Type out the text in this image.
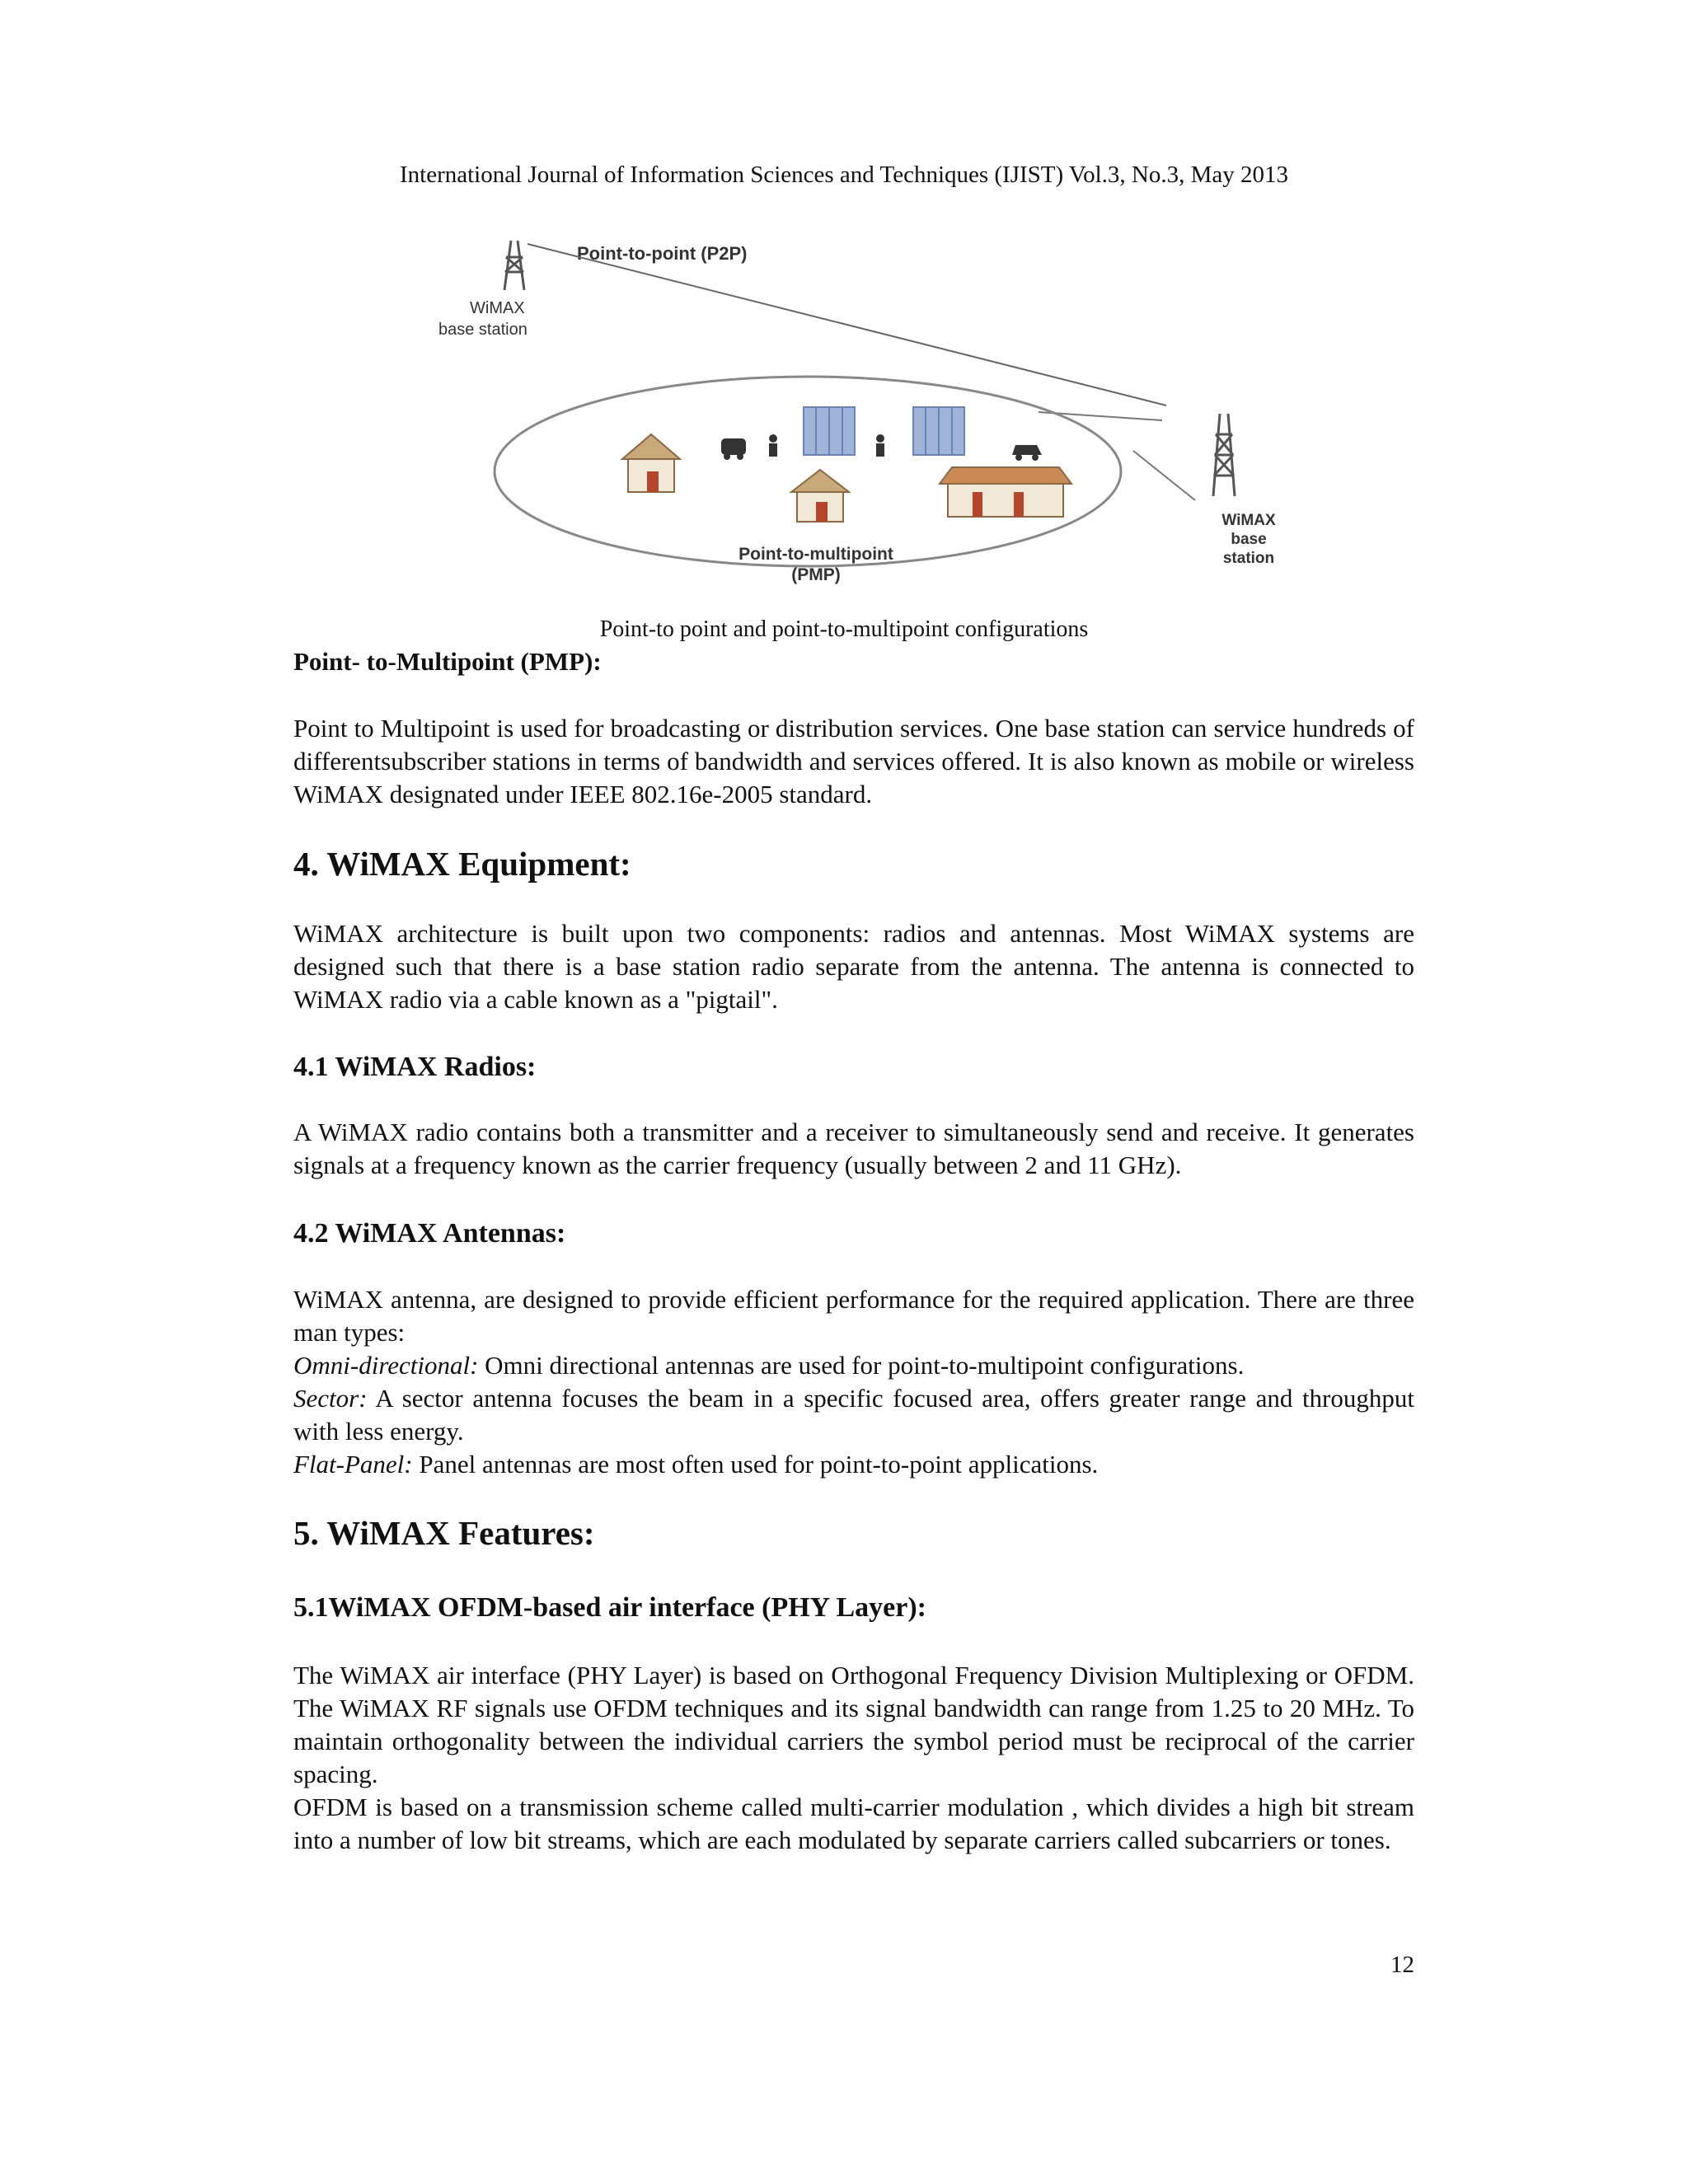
International Journal of Information Sciences and Techniques (IJIST) Vol.3, No.3, May 2013
Point-to-point (P2P)
WiMAX
base station
WiMAX
base
station
Point-to-multipoint
(PMP)
Point-to point and point-to-multipoint configurations
Point- to-Multipoint (PMP):

Point to Multipoint is used for broadcasting or distribution services. One base station can service hundreds of differentsubscriber stations in terms of bandwidth and services offered. It is also known as mobile or wireless WiMAX designated under IEEE 802.16e-2005 standard.

4. WiMAX Equipment:

WiMAX architecture is built upon two components: radios and antennas. Most WiMAX systems are designed such that there is a base station radio separate from the antenna. The antenna is connected to WiMAX radio via a cable known as a "pigtail".

4.1 WiMAX Radios:

A WiMAX radio contains both a transmitter and a receiver to simultaneously send and receive. It generates signals at a frequency known as the carrier frequency (usually between 2 and 11 GHz).

4.2 WiMAX Antennas:

WiMAX antenna, are designed to provide efficient performance for the required application. There are three man types:

Omni-directional: Omni directional antennas are used for point-to-multipoint configurations.

Sector: A sector antenna focuses the beam in a specific focused area, offers greater range and throughput with less energy.

Flat-Panel: Panel antennas are most often used for point-to-point applications.

5. WiMAX Features:
5.1WiMAX OFDM-based air interface (PHY Layer):

The WiMAX air interface (PHY Layer) is based on Orthogonal Frequency Division Multiplexing or OFDM. The WiMAX RF signals use OFDM techniques and its signal bandwidth can range from 1.25 to 20 MHz. To maintain orthogonality between the individual carriers the symbol period must be reciprocal of the carrier spacing.

OFDM is based on a transmission scheme called multi-carrier modulation , which divides a high bit stream into a number of low bit streams, which are each modulated by separate carriers called subcarriers or tones.

12
